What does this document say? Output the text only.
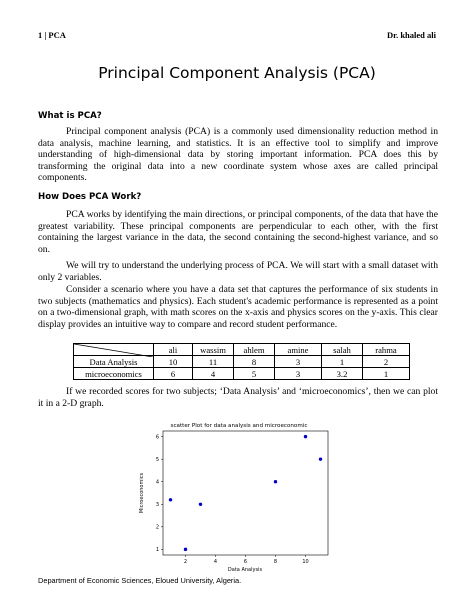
1 | PCA	Dr. khaled ali
Principal Component Analysis (PCA)
What is PCA?
Principal component analysis (PCA) is a commonly used dimensionality reduction method in data analysis, machine learning, and statistics. It is an effective tool to simplify and improve understanding of high-dimensional data by storing important information. PCA does this by transforming the original data into a new coordinate system whose axes are called principal components.
How Does PCA Work?
PCA works by identifying the main directions, or principal components, of the data that have the greatest variability. These principal components are perpendicular to each other, with the first containing the largest variance in the data, the second containing the second-highest variance, and so on.
We will try to understand the underlying process of PCA. We will start with a small dataset with only 2 variables.
Consider a scenario where you have a data set that captures the performance of six students in two subjects (mathematics and physics). Each student's academic performance is represented as a point on a two-dimensional graph, with math scores on the x-axis and physics scores on the y-axis. This clear display provides an intuitive way to compare and record student performance.
	ali	wassim	ahlem	amine	salah	rahma
Data Analysis	10	11	8	3	1	2
microeconomics	6	4	5	3	3.2	1
If we recorded scores for two subjects; ‘Data Analysis’ and ‘microeconomics’, then we can plot it in a 2-D graph.
scatter Plot for data analysis and microeconomic
2	4	6	8	10
1
2
3
4
5
6
Data Analysis
Microeconomics
Department of Economic Sciences, Eloued University, Algeria.
